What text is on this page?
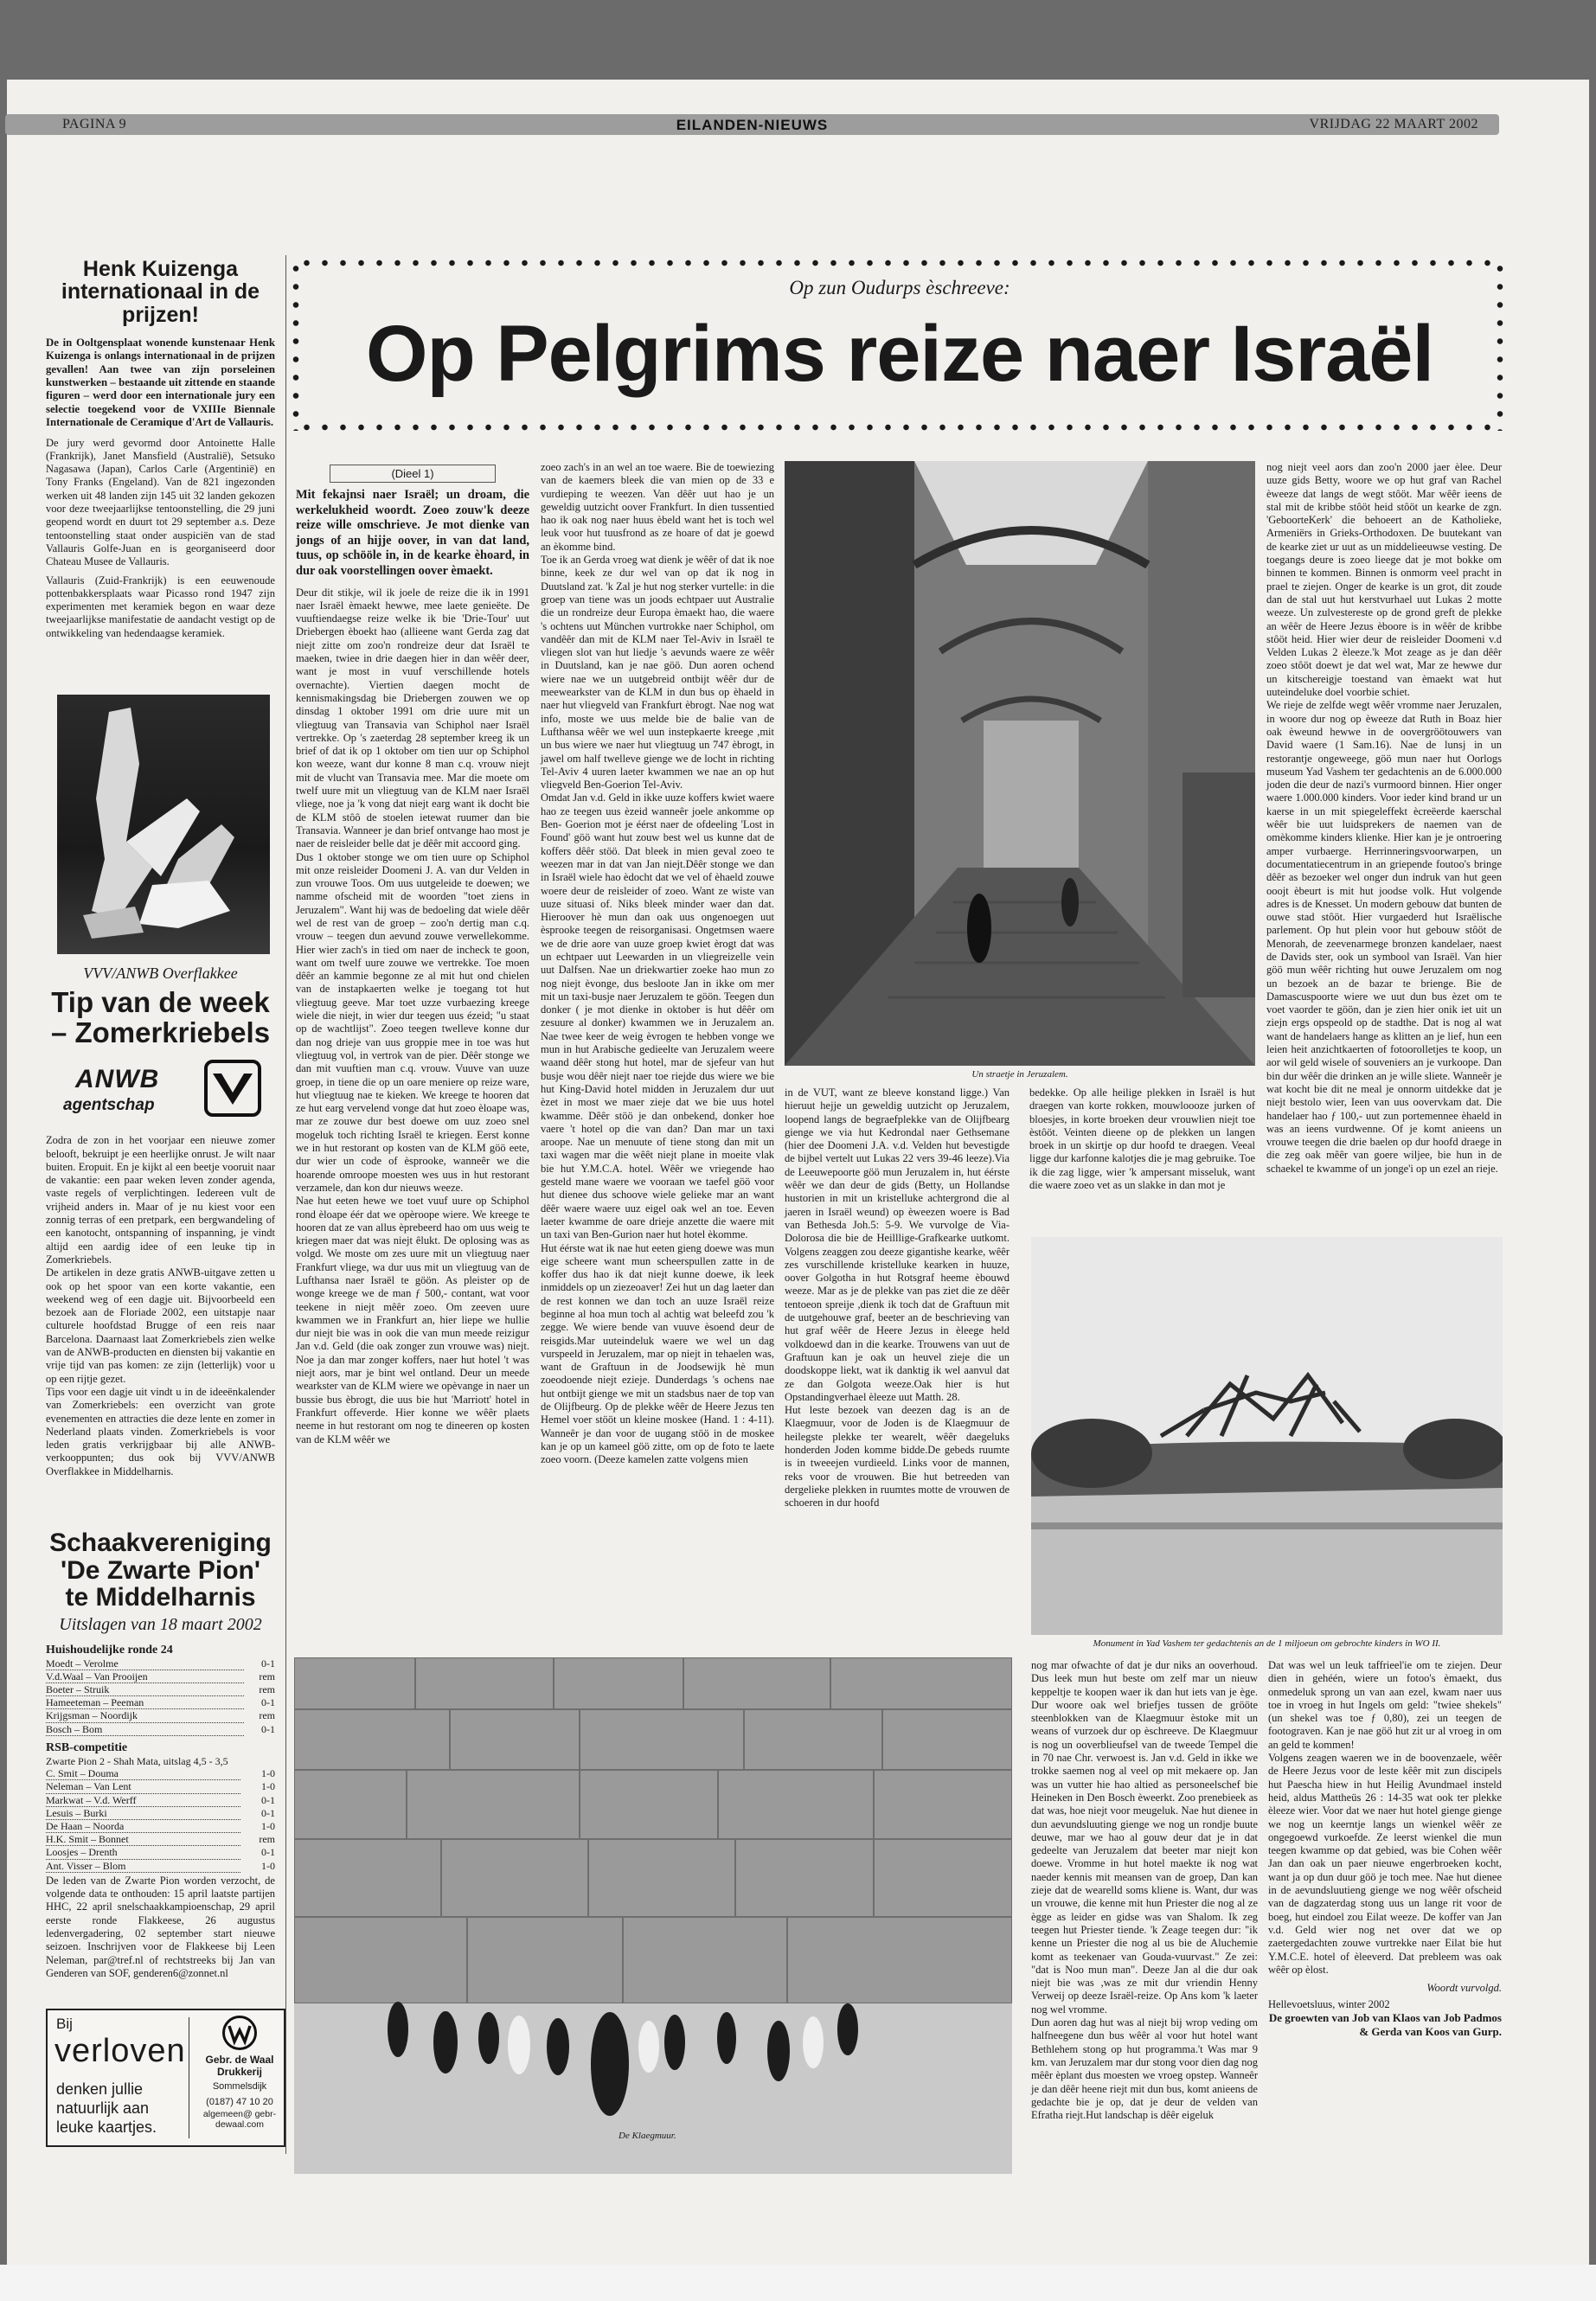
PAGINA 9	EILANDEN-NIEUWS	VRIJDAG 22 MAART 2002
Henk Kuizenga internationaal in de prijzen!

De in Ooltgensplaat wonende kunstenaar Henk Kuizenga is onlangs internationaal in de prijzen gevallen! Aan twee van zijn porseleinen kunstwerken – bestaande uit zittende en staande figuren – werd door een internationale jury een selectie toegekend voor de VXIIIe Biennale Internationale de Ceramique d'Art de Vallauris.

De jury werd gevormd door Antoinette Halle (Frankrijk), Janet Mansfield (Australië), Setsuko Nagasawa (Japan), Carlos Carle (Argentinië) en Tony Franks (Engeland). Van de 821 ingezonden werken uit 48 landen zijn 145 uit 32 landen gekozen voor deze tweejaarlijkse tentoonstelling, die 29 juni geopend wordt en duurt tot 29 september a.s. Deze tentoonstelling staat onder auspiciën van de stad Vallauris Golfe-Juan en is georganiseerd door Chateau Musee de Vallauris.

Vallauris (Zuid-Frankrijk) is een eeuwenoude pottenbakkersplaats waar Picasso rond 1947 zijn experimenten met keramiek begon en waar deze tweejaarlijkse manifestatie de aandacht vestigt op de ontwikkeling van hedendaagse keramiek.

VVV/ANWB Overflakkee
Tip van de week – Zomerkriebels
ANWB
agentschap

Zodra de zon in het voorjaar een nieuwe zomer belooft, bekruipt je een heerlijke onrust. Je wilt naar buiten. Eropuit. En je kijkt al een beetje vooruit naar de vakantie: een paar weken leven zonder agenda, vaste regels of verplichtingen. Iedereen vult de vrijheid anders in. Maar of je nu kiest voor een zonnig terras of een pretpark, een bergwandeling of een kanotocht, ontspanning of inspanning, je vindt altijd een aardig idee of een leuke tip in Zomerkriebels.
De artikelen in deze gratis ANWB-uitgave zetten u ook op het spoor van een korte vakantie, een weekend weg of een dagje uit. Bijvoorbeeld een bezoek aan de Floriade 2002, een uitstapje naar culturele hoofdstad Brugge of een reis naar Barcelona. Daarnaast laat Zomerkriebels zien welke van de ANWB-producten en diensten bij vakantie en vrije tijd van pas komen: ze zijn (letterlijk) voor u op een rijtje gezet.
Tips voor een dagje uit vindt u in de ideeënkalender van Zomerkriebels: een overzicht van grote evenementen en attracties die deze lente en zomer in Nederland plaats vinden. Zomerkriebels is voor leden gratis verkrijgbaar bij alle ANWB-verkooppunten; dus ook bij VVV/ANWB Overflakkee in Middelharnis.

Schaakvereniging 'De Zwarte Pion' te Middelharnis
Uitslagen van 18 maart 2002
Huishoudelijke ronde 24
Moedt – Verolme	0-1
V.d.Waal – Van Prooijen	rem
Boeter – Struik	rem
Hameeteman – Peeman	0-1
Krijgsman – Noordijk	rem
Bosch – Bom	0-1
RSB-competitie
Zwarte Pion 2 - Shah Mata, uitslag 4,5 - 3,5
C. Smit – Douma	1-0
Neleman – Van Lent	1-0
Markwat – V.d. Werff	0-1
Lesuis – Burki	0-1
De Haan – Noorda	1-0
H.K. Smit – Bonnet	rem
Loosjes – Drenth	0-1
Ant. Visser – Blom	1-0

De leden van de Zwarte Pion worden verzocht, de volgende data te onthouden: 15 april laatste partijen HHC, 22 april snelschaakkampioenschap, 29 april eerste ronde Flakkeese, 26 augustus ledenvergadering, 02 september start nieuwe seizoen. Inschrijven voor de Flakkeese bij Leen Neleman, par@tref.nl of rechtstreeks bij Jan van Genderen van SOF, genderen6@zonnet.nl

Bij
verloven
denken jullie natuurlijk aan leuke kaartjes.
Gebr. de Waal Drukkerij
Sommelsdijk
(0187) 47 10 20
algemeen@ gebr-dewaal.com
Op zun Oudurps èschreeve:
Op Pelgrims reize naer Israël
(Dieel 1)

Mit fekajnsi naer Israël; un droam, die werkelukheid woordt. Zoeo zouw'k deeze reize wille omschrieve. Je mot dienke van jongs of an hijje oover, in van dat land, tuus, op schööle in, in de kearke èhoard, in dur oak voorstellingen oover èmaekt.

Deur dit stikje, wil ik joele de reize die ik in 1991 naer Israël èmaekt hewwe, mee laete genieëte. De vuuftiendaegse reize welke ik bie 'Drie-Tour' uut Driebergen èboekt hao (allieene want Gerda zag dat niejt zitte om zoo'n rondreize deur dat Israël te maeken, twiee in drie daegen hier in dan wêêr deer, want je most in vuuf verschillende hotels overnachte). Viertien daegen mocht de kennismakingsdag bie Driebergen zouwen we op dinsdag 1 oktober 1991 om drie uure mit un vliegtuug van Transavia van Schiphol naer Israël vertrekke. Op 's zaeterdag 28 september kreeg ik un brief of dat ik op 1 oktober om tien uur op Schiphol kon weeze, want dur konne 8 man c.q. vrouw niejt mit de vlucht van Transavia mee. Mar die moete om twelf uure mit un vliegtuug van de KLM naer Israël vliege, noe ja 'k vong dat niejt earg want ik docht bie de KLM stôô de stoelen ietewat ruumer dan bie Transavia. Wanneer je dan brief ontvange hao most je naer de reisleider belle dat je dêêr mit accoord ging.
Dus 1 oktober stonge we om tien uure op Schiphol mit onze reisleider Doomeni J. A. van dur Velden in zun vrouwe Toos. Om uus uutgeleide te doewen; we namme ofscheid mit de woorden "toet ziens in Jeruzalem". Want hij was de bedoeling dat wiele dêêr wel de rest van de groep – zoo'n dertig man c.q. vrouw – teegen dun aevund zouwe verwellekomme. Hier wier zach's in tied om naer de incheck te goon, want om twelf uure zouwe we vertrekke. Toe moen dêêr an kammie begonne ze al mit hut ond chielen van de instapkaerten welke je toegang tot hut vliegtuug geeve. Mar toet uzze vurbaezing kreege wiele die niejt, in wier dur teegen uus ézeid; "u staat op de wachtlijst". Zoeo teegen twelleve konne dur dan nog drieje van uus groppie mee in toe was hut vliegtuug vol, in vertrok van de pier. Dêêr stonge we dan mit vuuftien man c.q. vrouw. Vuuve van uuze groep, in tiene die op un oare meniere op reize ware, hut vliegtuug nae te kieken. We kreege te hooren dat ze hut earg vervelend vonge dat hut zoeo èloape was, mar ze zouwe dur best doewe om uuz zoeo snel mogeluk toch richting Israël te kriegen. Eerst konne we in hut restorant op kosten van de KLM göö eete, dur wier un code of èsprooke, wanneêr we die hoarende omroope moesten wes uus in hut restorant verzamele, dan kon dur nieuws weeze.
Nae hut eeten hewe we toet vuuf uure op Schiphol rond èloape éér dat we opèroope wiere. We kreege te hooren dat ze van allus èprebeerd hao om uus weig te kriegen maer dat was niejt êlukt. De oplosing was as volgd. We moste om zes uure mit un vliegtuug naer Frankfurt vliege, wa dur uus mit un vliegtuug van de Lufthansa naer Israël te göön. As pleister op de wonge kreege we de man ƒ 500,- contant, wat voor teekene in niejt mêêr zoeo. Om zeeven uure kwammen we in Frankfurt an, hier liepe we hullie dur niejt bie was in ook die van mun meede reizigur Jan v.d. Geld (die oak zonger zun vrouwe was) niejt. Noe ja dan mar zonger koffers, naer hut hotel 't was niejt aors, mar je bint wel ontland. Deur un meede wearkster van de KLM wiere we opèvange in naer un bussie bus èbrogt, die uus bie hut 'Marriott' hotel in Frankfurt offeverde. Hier konne we wêêr plaets neeme in hut restorant om nog te dineeren op kosten van de KLM wêêr we

zoeo zach's in an wel an toe waere. Bie de toewiezing van de kaemers bleek die van mien op de 33 e vurdieping te weezen. Van dêêr uut hao je un geweldig uutzicht oover Frankfurt. In dien tussentied hao ik oak nog naer huus èbeld want het is toch wel leuk voor hut tuusfrond as ze hoare of dat je goewd an èkomme bind.
Toe ik an Gerda vroeg wat dienk je wêêr of dat ik noe binne, keek ze dur wel van op dat ik nog in Duutsland zat. 'k Zal je hut nog sterker vurtelle: in die groep van tiene was un joods echtpaer uut Australie die un rondreize deur Europa èmaekt hao, die waere 's ochtens uut München vurtrokke naer Schiphol, om vandêêr dan mit de KLM naer Tel-Aviv in Israël te vliegen slot van hut liedje 's aevunds waere ze wêêr in Duutsland, kan je nae göö. Dun aoren ochend wiere nae we un uutgebreid ontbijt wêêr dur de meewearkster van de KLM in dun bus op èhaeld in naer hut vliegveld van Frankfurt èbrogt. Nae nog wat info, moste we uus melde bie de balie van de Lufthansa wêêr we wel uun instepkaerte kreege ,mit un bus wiere we naer hut vliegtuug un 747 èbrogt, in jawel om half twelleve gienge we de locht in richting Tel-Aviv 4 uuren laeter kwammen we nae an op hut vliegveld Ben-Goerion Tel-Aviv.
Omdat Jan v.d. Geld in ikke uuze koffers kwiet waere hao ze teegen uus èzeid wanneêr joele ankomme op Ben- Goerion mot je éérst naer de ofdeeling 'Lost in Found' göö want hut zouw best wel us kunne dat de koffers dêêr stöö. Dat bleek in mien geval zoeo te weezen mar in dat van Jan niejt.Dêêr stonge we dan in Israël wiele hao èdocht dat we vel of èhaeld zouwe woere deur de reisleider of zoeo. Want ze wiste van uuze situasi of. Niks bleek minder waer dan dat. Hieroover hè mun dan oak uus ongenoegen uut èsprooke teegen de reisorganisasi. Ongetmsen waere we de drie aore van uuze groep kwiet èrogt dat was un echtpaer uut Leewarden in un vliegreizelle vein uut Dalfsen. Nae un driekwartier zoeke hao mun zo nog niejt èvonge, dus besloote Jan in ikke om mer mit un taxi-busje naer Jeruzalem te göön. Teegen dun donker ( je mot dienke in oktober is hut dêêr om zesuure al donker) kwammen we in Jeruzalem an. Nae twee keer de weig èvrogen te hebben vonge we mun in hut Arabische gedieelte van Jeruzalem weere waand dêêr stong hut hotel, mar de sjefeur van hut busje wou dêêr niejt naer toe riejde dus wiere we bie hut King-David hotel midden in Jeruzalem dur uut èzet in most we maer zieje dat we bie uus hotel kwamme. Dêêr stöö je dan onbekend, donker hoe vaere 't hotel op die van dan? Dan mar un taxi aroope. Nae un menuute of tiene stong dan mit un taxi wagen mar die wêêt niejt plane in moeite vlak bie hut Y.M.C.A. hotel. Wêêr we vriegende hao gesteld mane waere we vooraan we taefel göö voor hut dienee dus schoove wiele gelieke mar an want dêêr waere waere uuz eigel oak wel an toe. Eeven laeter kwamme de oare drieje anzette die waere mit un taxi van Ben-Gurion naer hut hotel èkomme.
Hut éérste wat ik nae hut eeten gieng doewe was mun eige scheere want mun scheerspullen zatte in de koffer dus hao ik dat niejt kunne doewe, ik leek inmiddels op un ziezeoaver! Zei hut un dag laeter dan de rest konnen we dan toch an uuze Israël reize beginne al hoa mun toch al achtig wat beleefd zou 'k zegge. We wiere bende van vuuve èsoend deur de reisgids.Mar uuteindeluk waere we wel un dag vurspeeld in Jeruzalem, mar op niejt in tehaelen was, want de Graftuun in de Joodsewijk hè mun zoeodoende niejt ezieje. Dunderdags 's ochens nae hut ontbijt gienge we mit un stadsbus naer de top van de Olijfbeurg. Op de plekke wêêr de Heere Jezus ten Hemel voer stööt un kleine moskee (Hand. 1 : 4-11). Wanneêr je dan voor de uugang stöö in de moskee kan je op un kameel göö zitte, om op de foto te laete zoeo voorn. (Deeze kamelen zatte volgens mien

Un straetje in Jeruzalem.

in de VUT, want ze bleeve konstand ligge.) Van hieruut hejje un geweldig uutzicht op Jeruzalem, loopend langs de begraefplekke van de Olijfbearg gienge we via hut Kedrondal naer Gethsemane (hier dee Doomeni J.A. v.d. Velden hut bevestigde de bijbel vertelt uut Lukas 22 vers 39-46 leeze).Via de Leeuwepoorte göö mun Jeruzalem in, hut éérste wêêr we dan deur de gids (Betty, un Hollandse hustorien in mit un kristelluke achtergrond die al jaeren in Israël weund) op èweezen woere is Bad van Bethesda Joh.5: 5-9. We vurvolge de Via-Dolorosa die bie de Heilllige-Grafkearke uutkomt. Volgens zeaggen zou deeze gigantishe kearke, wêêr zes vurschillende kristelluke kearken in huuze, oover Golgotha in hut Rotsgraf heeme èbouwd weeze. Mar as je de plekke van pas ziet die ze dêêr tentoeon spreije ,dienk ik toch dat de Graftuun mit de uutgehouwe graf, beeter an de beschrieving van hut graf wêêr de Heere Jezus in èleege held volkdoewd dan in die kearke. Trouwens van uut de Graftuun kan je oak un heuvel zieje die un doodskoppe liekt, wat ik danktig ik wel aanvul dat ze dan Golgota weeze.Oak hier is hut Opstandingverhael èleeze uut Matth. 28.
Hut leste bezoek van deezen dag is an de Klaegmuur, voor de Joden is de Klaegmuur de heilegste plekke ter wearelt, wêêr daegeluks honderden Joden komme bidde.De gebeds ruumte is in tweeejen vurdieeld. Links voor de mannen, reks voor de vrouwen. Bie hut betreeden van dergelieke plekken in ruumtes motte de vrouwen de schoeren in dur hoofd

bedekke. Op alle heilige plekken in Israël is hut draegen van korte rokken, mouwloooze jurken of bloesjes, in korte broeken deur vrouwlien niejt toe èstôöt. Veinten dieene op de plekken un langen broek in un skirtje op dur hoofd te draegen. Veeal ligge dur karfonne kalotjes die je mag gebruike. Toe ik die zag ligge, wier 'k ampersant misseluk, want die waere zoeo vet as un slakke in dan mot je

nog niejt veel aors dan zoo'n 2000 jaer èlee. Deur uuze gids Betty, woore we op hut graf van Rachel èweeze dat langs de wegt stôöt. Mar wêêr ieens de stal mit de kribbe stôöt heid stôöt un kearke de zgn. 'GeboorteKerk' die behoeert an de Katholieke, Armeniërs in Grieks-Orthodoxen. De buutekant van de kearke ziet ur uut as un middelieeuwse vesting. De toegangs deure is zoeo lieege dat je mot bokke om binnen te kommen. Binnen is onmorm veel pracht in prael te ziejen. Onger de kearke is un grot, dit zoude dan de stal uut hut kerstvurhael uut Lukas 2 motte weeze. Un zulvestereste op de grond greft de plekke an wêêr de Heere Jezus èboore is in wêêr de kribbe stôöt heid. Hier wier deur de reisleider Doomeni v.d Velden Lukas 2 èleeze.'k Mot zeage as je dan dêêr zoeo stôöt doewt je dat wel wat, Mar ze hewwe dur un kitschereigje toestand van èmaekt wat hut uuteindeluke doel voorbie schiet.
We rieje de zelfde wegt wêêr vromme naer Jeruzalen, in woore dur nog op èweeze dat Ruth in Boaz hier oak èweund hewwe in de oovergröötouwers van David waere (1 Sam.16). Nae de lunsj in un restorantje ongeweege, göö mun naer hut Oorlogs museum Yad Vashem ter gedachtenis an de 6.000.000 joden die deur de nazi's vurmoord binnen. Hier onger waere 1.000.000 kinders. Voor ieder kind brand ur un kaerse in un mit spiegeleffekt ècreëerde kaerschal wêêr bie uut luidsprekers de naemen van de omèkomme kinders klienke. Hier kan je je ontroering amper vurbaerge. Herrinneringsvoorwarpen, un documentatiecentrum in an griepende foutoo's bringe dêêr as bezoeker wel onger dun indruk van hut geen ooojt èbeurt is mit hut joodse volk. Hut volgende adres is de Knesset. Un modern gebouw dat bunten de ouwe stad stôöt. Hier vurgaederd hut Israëlische parlement. Op hut plein voor hut gebouw stôöt de Menorah, de zeevenarmege bronzen kandelaer, naest de Davids ster, ook un symbool van Israël. Van hier göö mun wêêr richting hut ouwe Jeruzalem om nog un bezoek an de bazar te brienge. Bie de Damascuspoorte wiere we uut dun bus èzet om te voet vaorder te göön, dan je zien hier onik iet uit un ziejn ergs opspeold op de stadthe. Dat is nog al wat want de handelaers hange as klitten an je lief, hun een leien heit anzichtkaerten of fotoorolletjes te koop, un aor wil geld wisele of souveniers an je vurkoope. Dan bin dur wêêr die drinken an je wille sliete. Wanneêr je wat kocht bie dit ne meal je onnorm uitdekke dat je niejt bestolo wier, Ieen van uus oovervkam dat. Die handelaer hao ƒ 100,- uut zun portemennee èhaeld in was an ieens vurdwenne. Of je komt anieens un vrouwe teegen die drie baelen op dur hoofd draege in die zeg oak mêêr van goere wiljee, bie hun in de schaekel te kwamme of un jonge'i op un ezel an rieje.

Monument in Yad Vashem ter gedachtenis an de 1 miljoeun om gebrochte kinders in WO II.
De Klaegmuur.

nog mar ofwachte of dat je dur niks an ooverhoud. Dus leek mun hut beste om zelf mar un nieuw keppeltje te koopen waer ik dan hut iets van je ège. Dur woore oak wel briefjes tussen de grööte steenblokken van de Klaegmuur èstoke mit un weans of vurzoek dur op èschreeve. De Klaegmuur is nog un ooverblieufsel van de tweede Tempel die in 70 nae Chr. verwoest is. Jan v.d. Geld in ikke we trokke saemen nog al veel op mit mekaere op. Jan was un vutter hie hao altied as personeelschef bie Heineken in Den Bosch èweerkt. Zoo prenebieek as dat was, hoe niejt voor meugeluk. Nae hut dienee in dun aevundsluuting gienge we nog un rondje buute deuwe, mar we hao al gouw deur dat je in dat gedeelte van Jeruzalem dat beeter mar niejt kon doewe. Vromme in hut hotel maekte ik nog wat naeder kennis mit meansen van de groep, Dan kan zieje dat de wearelld soms kliene is. Want, dur was un vrouwe, die kenne mit hun Priester die nog al ze ègge as leider en gidse was van Shalom. Ik zeg teegen hut Priester tiende. 'k Zeage teegen dur: "ik kenne un Priester die nog al us bie de Aluchemie komt as teekenaer van Gouda-vuurvast." Ze zei: "dat is Noo mun man". Deeze Jan al die dur oak niejt bie was ,was ze mit dur vriendin Henny Verweij op deeze Israël-reize. Op Ans kom 'k laeter nog wel vromme.
Dun aoren dag hut was al niejt bij wrop veding om halfneegene dun bus wêêr al voor hut hotel want Bethlehem stong op hut programma.'t Was mar 9 km. van Jeruzalem mar dur stong voor dien dag nog mêêr èplant dus moesten we vroeg opstep. Wanneêr je dan dêêr heene riejt mit dun bus, komt anieens de gedachte bie je op, dat je deur de velden van Efratha riejt.Hut landschap is dêêr eigeluk

Dat was wel un leuk taffrieel'ie om te ziejen. Deur dien in gehéén, wiere un fotoo's èmaekt, dus onmedeluk sprong un van aan ezel, kwam naer uus toe in vroeg in hut Ingels om geld: "twiee shekels" (un shekel was toe ƒ 0,80), zei un teegen de footograven. Kan je nae göö hut zit ur al vroeg in om an geld te kommen!
Volgens zeagen waeren we in de boovenzaele, wêêr de Heere Jezus voor de leste kêêr mit zun discipels hut Paescha hiew in hut Heilig Avundmael insteld heid, aldus Mattheüs 26 : 14-35 wat ook ter plekke èleeze wier. Voor dat we naer hut hotel gienge gienge we nog un keerntje langs un wienkel wêêr ze ongegoewd vurkoefde. Ze leerst wienkel die mun teegen kwamme op dat gebied, was bie Cohen wêêr Jan dan oak un paer nieuwe engerbroeken kocht, want ja op dun duur göö je toch mee. Nae hut dienee in de aevundsluutieng gienge we nog wêêr ofscheid van de dagzaterdag stong uus un lange rit voor de boeg, hut eindoel zou Eilat weeze. De koffer van Jan v.d. Geld wier nog net over dat we op zaetergedachten zouwe vurtrekke naer Eilat bie hut Y.M.C.E. hotel of èleeverd. Dat prebleem was oak wêêr op èlost.

Woordt vurvolgd.
Hellevoetsluus, winter 2002
De groewten van Job van Klaos van Job Padmos & Gerda van Koos van Gurp.
